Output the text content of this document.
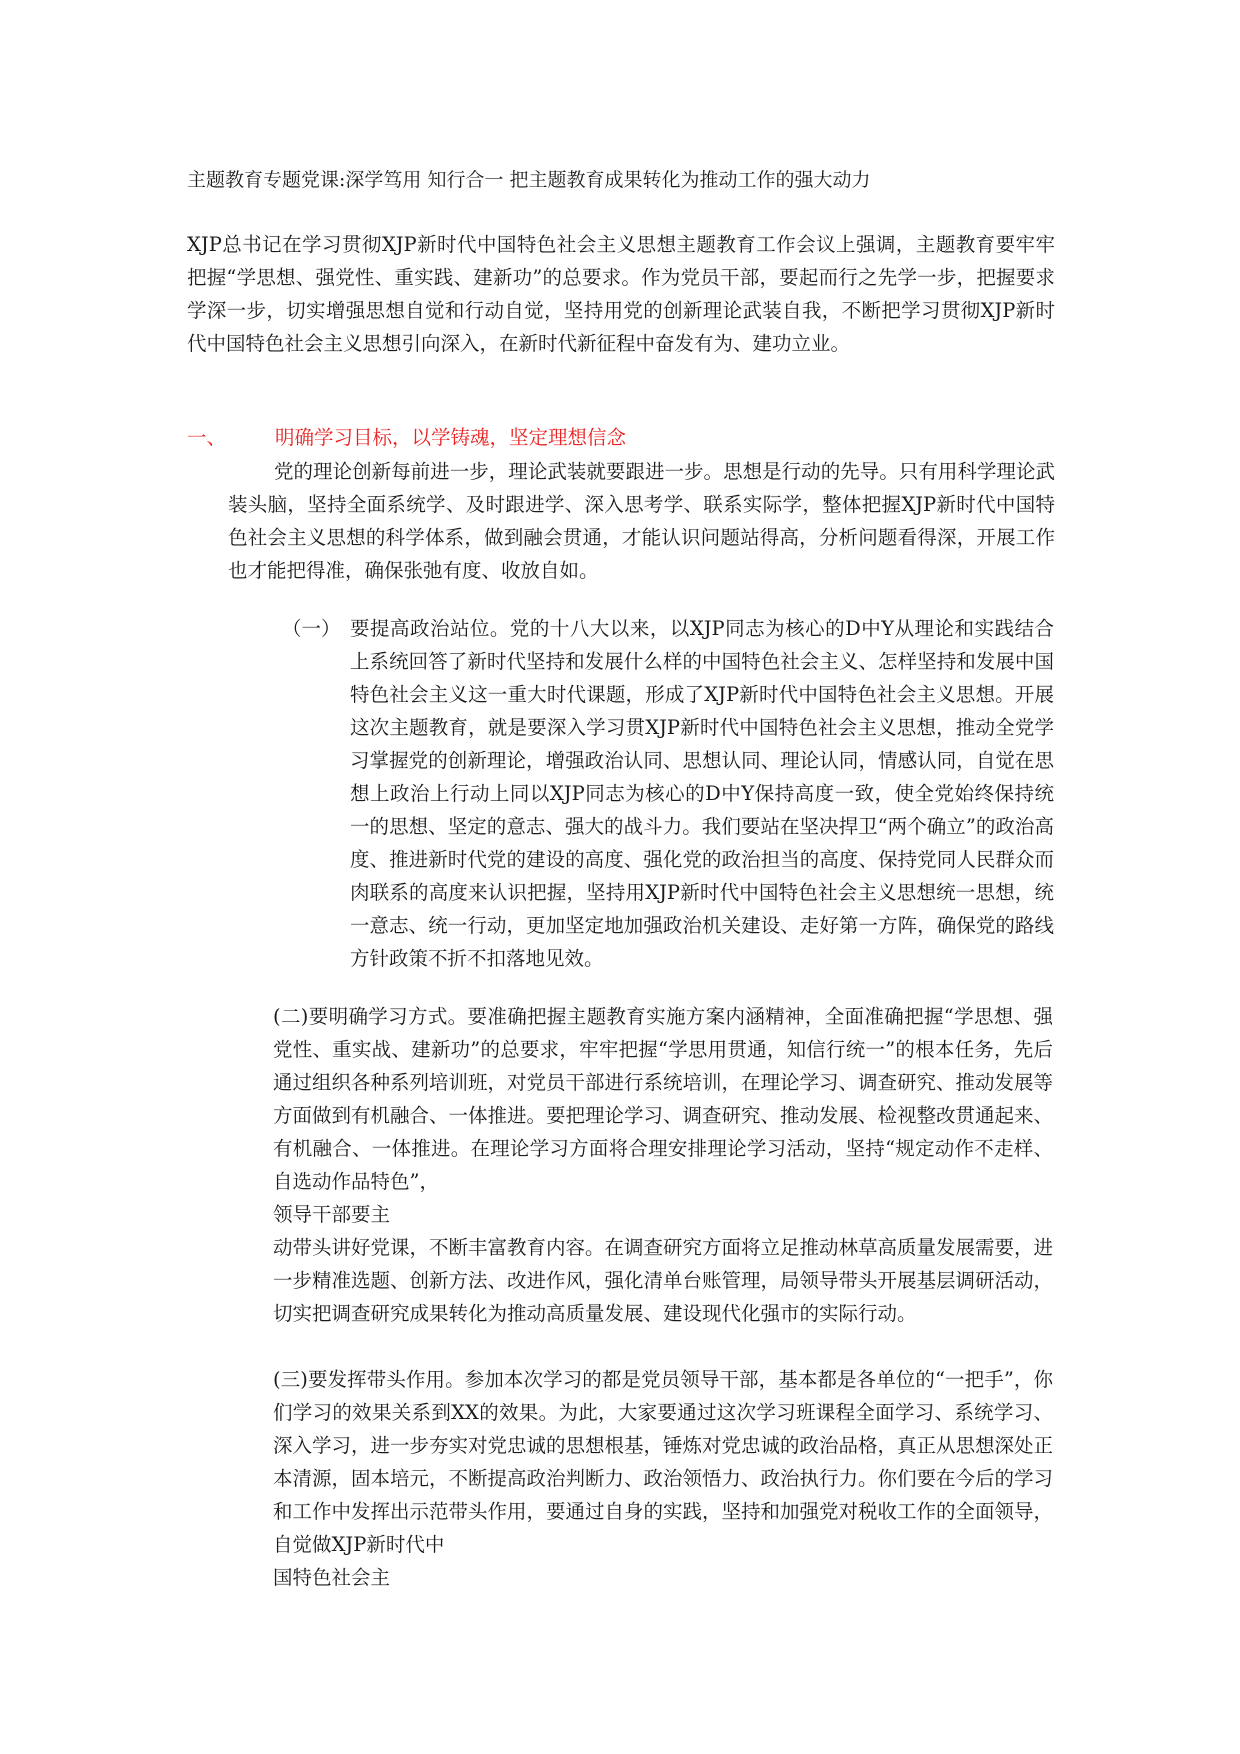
主题教育专题党课:深学笃用 知行合一 把主题教育成果转化为推动工作的强大动力
XJP总书记在学习贯彻XJP新时代中国特色社会主义思想主题教育工作会议上强调，主题教育要牢牢把握“学思想、强党性、重实践、建新功”的总要求。作为党员干部，要起而行之先学一步，把握要求学深一步，切实增强思想自觉和行动自觉，坚持用党的创新理论武装自我，不断把学习贯彻XJP新时代中国特色社会主义思想引向深入，在新时代新征程中奋发有为、建功立业。
一、	明确学习目标，以学铸魂，坚定理想信念
党的理论创新每前进一步，理论武装就要跟进一步。思想是行动的先导。只有用科学理论武装头脑，坚持全面系统学、及时跟进学、深入思考学、联系实际学，整体把握XJP新时代中国特色社会主义思想的科学体系，做到融会贯通，才能认识问题站得高，分析问题看得深，开展工作也才能把得准，确保张弛有度、收放自如。
（一） 要提高政治站位。党的十八大以来，以XJP同志为核心的D中Y从理论和实践结合上系统回答了新时代坚持和发展什么样的中国特色社会主义、怎样坚持和发展中国特色社会主义这一重大时代课题，形成了XJP新时代中国特色社会主义思想。开展这次主题教育，就是要深入学习贯XJP新时代中国特色社会主义思想，推动全党学习掌握党的创新理论，增强政治认同、思想认同、理论认同，情感认同，自觉在思想上政治上行动上同以XJP同志为核心的D中Y保持高度一致，使全党始终保持统一的思想、坚定的意志、强大的战斗力。我们要站在坚决捍卫“两个确立”的政治高度、推进新时代党的建设的高度、强化党的政治担当的高度、保持党同人民群众而肉联系的高度来认识把握，坚持用XJP新时代中国特色社会主义思想统一思想，统一意志、统一行动，更加坚定地加强政治机关建设、走好第一方阵，确保党的路线方针政策不折不扣落地见效。
(二)要明确学习方式。要准确把握主题教育实施方案内涵精神，全面准确把握“学思想、强党性、重实战、建新功”的总要求，牢牢把握“学思用贯通，知信行统一”的根本任务，先后通过组织各种系列培训班，对党员干部进行系统培训，在理论学习、调查研究、推动发展等方面做到有机融合、一体推进。要把理论学习、调查研究、推动发展、检视整改贯通起来、有机融合、一体推进。在理论学习方面将合理安排理论学习活动，坚持“规定动作不走样、自选动作品特色”，
领导干部要主
动带头讲好党课，不断丰富教育内容。在调查研究方面将立足推动林草高质量发展需要，进一步精准选题、创新方法、改进作风，强化清单台账管理，局领导带头开展基层调研活动，切实把调查研究成果转化为推动高质量发展、建设现代化强市的实际行动。
(三)要发挥带头作用。参加本次学习的都是党员领导干部，基本都是各单位的“一把手”，你们学习的效果关系到XX的效果。为此，大家要通过这次学习班课程全面学习、系统学习、深入学习，进一步夯实对党忠诚的思想根基，锤炼对党忠诚的政治品格，真正从思想深处正本清源，固本培元，不断提高政治判断力、政治领悟力、政治执行力。你们要在今后的学习和工作中发挥出示范带头作用，要通过自身的实践，坚持和加强党对税收工作的全面领导，自觉做XJP新时代中
国特色社会主
